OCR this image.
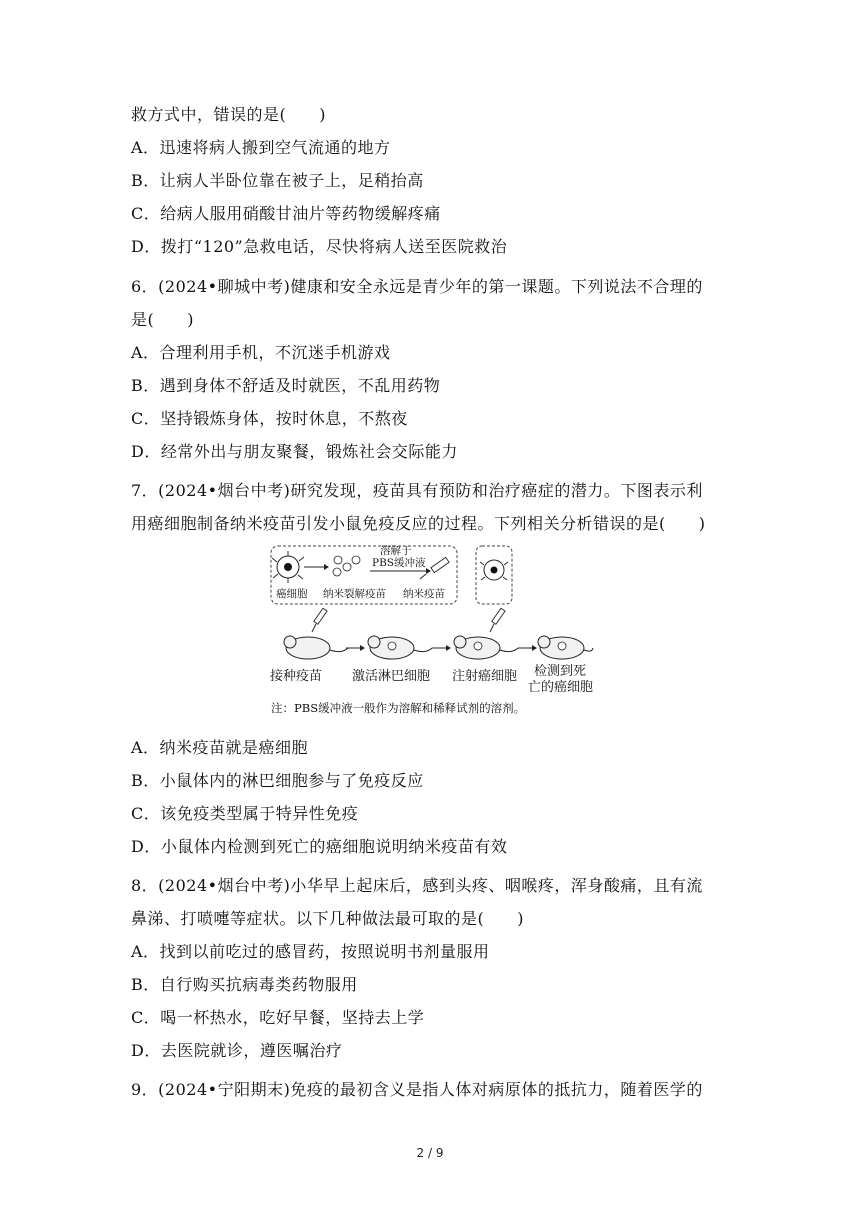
救方式中，错误的是(　　)
A．迅速将病人搬到空气流通的地方
B．让病人半卧位靠在被子上，足稍抬高
C．给病人服用硝酸甘油片等药物缓解疼痛
D．拨打“120”急救电话，尽快将病人送至医院救治
6．(2024•聊城中考)健康和安全永远是青少年的第一课题。下列说法不合理的
是(　　)
A．合理利用手机，不沉迷手机游戏
B．遇到身体不舒适及时就医，不乱用药物
C．坚持锻炼身体，按时休息，不熬夜
D．经常外出与朋友聚餐，锻炼社会交际能力
7．(2024•烟台中考)研究发现，疫苗具有预防和治疗癌症的潜力。下图表示利
用癌细胞制备纳米疫苗引发小鼠免疫反应的过程。下列相关分析错误的是(　　)
A．纳米疫苗就是癌细胞
B．小鼠体内的淋巴细胞参与了免疫反应
C．该免疫类型属于特异性免疫
D．小鼠体内检测到死亡的癌细胞说明纳米疫苗有效
8．(2024•烟台中考)小华早上起床后，感到头疼、咽喉疼，浑身酸痛，且有流
鼻涕、打喷嚏等症状。以下几种做法最可取的是(　　)
A．找到以前吃过的感冒药，按照说明书剂量服用
B．自行购买抗病毒类药物服用
C．喝一杯热水，吃好早餐，坚持去上学
D．去医院就诊，遵医嘱治疗
9．(2024•宁阳期末)免疫的最初含义是指人体对病原体的抵抗力，随着医学的
癌细胞 纳米裂解疫苗
溶解于
PBS缓冲液
纳米疫苗
接种疫苗 激活淋巴细胞 注射癌细胞 检测到死
亡的癌细胞
注：PBS缓冲液一般作为溶解和稀释试剂的溶剂。
2 / 9
